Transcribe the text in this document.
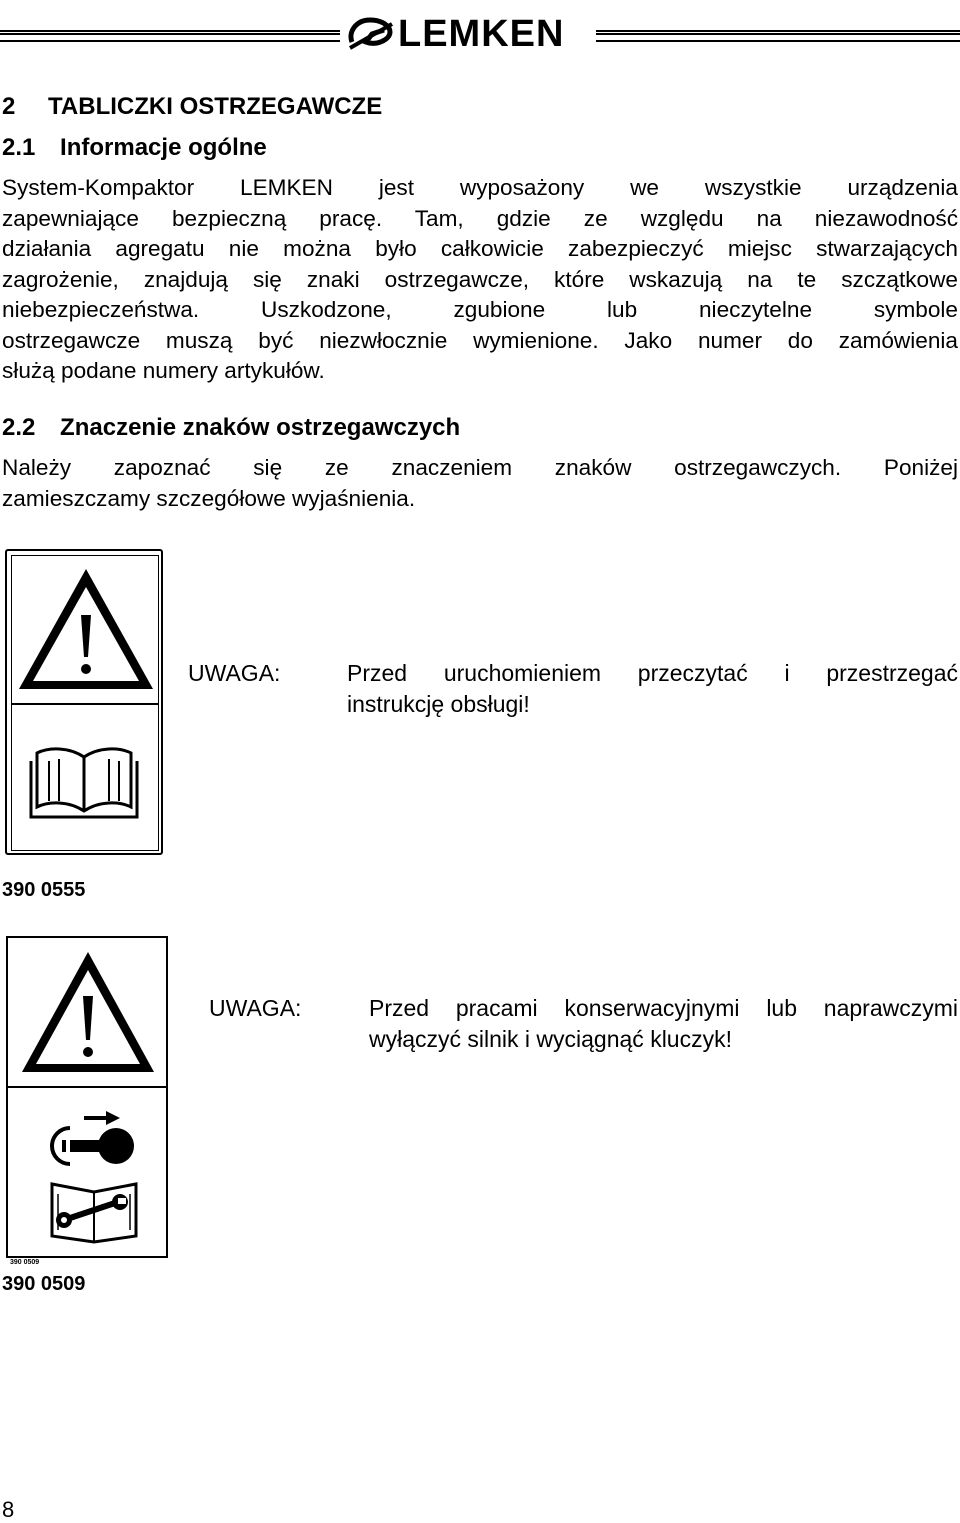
LEMKEN
2 TABLICZKI OSTRZEGAWCZE
2.1 Informacje ogólne
System-Kompaktor LEMKEN jest wyposażony we wszystkie urządzenia
zapewniające bezpieczną pracę. Tam, gdzie ze względu na niezawodność
działania agregatu nie można było całkowicie zabezpieczyć miejsc stwarzających
zagrożenie, znajdują się znaki ostrzegawcze, które wskazują na te szczątkowe
niebezpieczeństwa. Uszkodzone, zgubione lub nieczytelne symbole
ostrzegawcze muszą być niezwłocznie wymienione. Jako numer do zamówienia
służą podane numery artykułów.
2.2 Znaczenie znaków ostrzegawczych
Należy zapoznać się ze znaczeniem znaków ostrzegawczych. Poniżej
zamieszczamy szczegółowe wyjaśnienia.
UWAGA:	Przed uruchomieniem przeczytać i przestrzegać
instrukcję obsługi!
390 0555
390 0509
UWAGA:	Przed pracami konserwacyjnymi lub naprawczymi
wyłączyć silnik i wyciągnąć kluczyk!
390 0509
8
